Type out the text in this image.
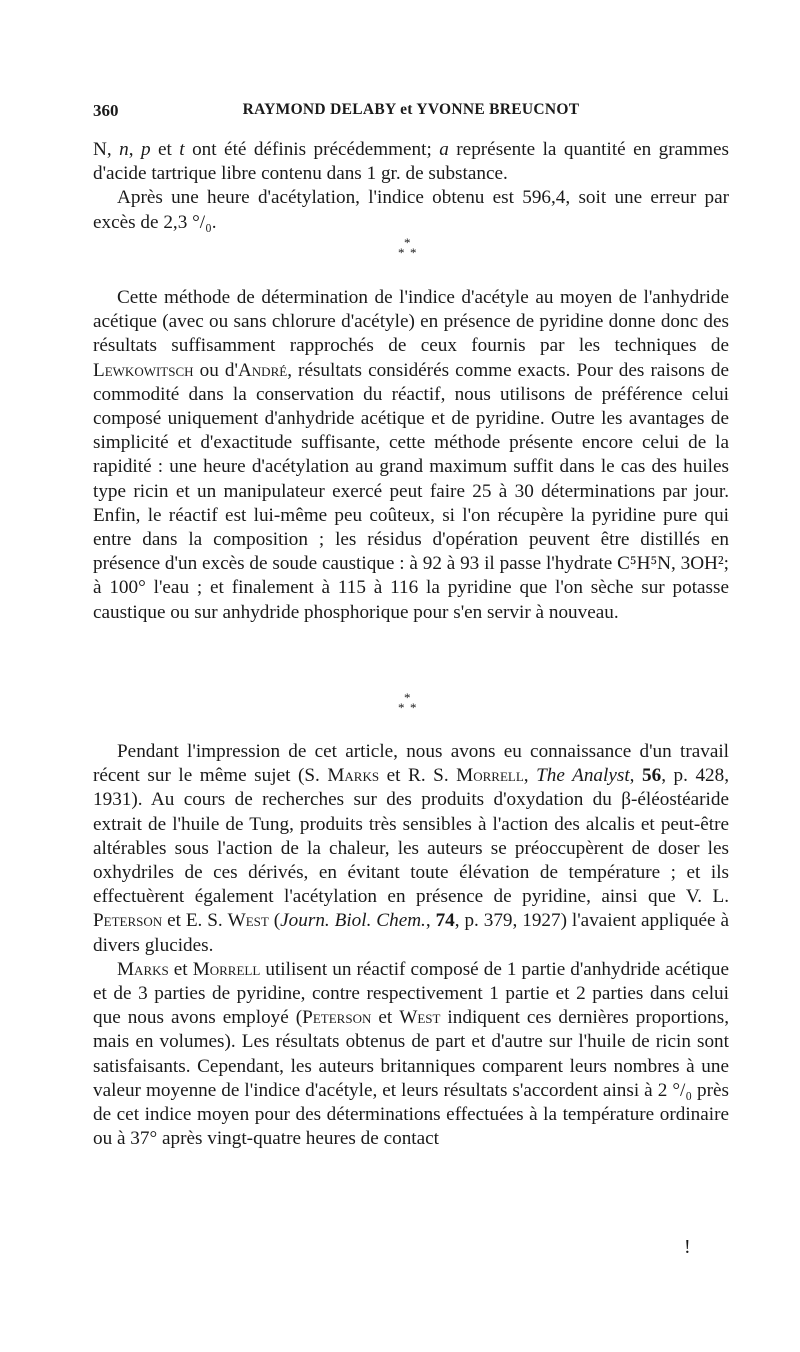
360	RAYMOND DELABY et YVONNE BREUCNOT

N, n, p et t ont été définis précédemment; a représente la quantité en grammes d'acide tartrique libre contenu dans 1 gr. de substance.

Après une heure d'acétylation, l'indice obtenu est 596,4, soit une erreur par excès de 2,3 °/₀.

*
* *

Cette méthode de détermination de l'indice d'acétyle au moyen de l'anhydride acétique (avec ou sans chlorure d'acétyle) en présence de pyridine donne donc des résultats suffisamment rapprochés de ceux fournis par les techniques de Lewkowitsch ou d'André, résultats considérés comme exacts. Pour des raisons de commodité dans la conservation du réactif, nous utilisons de préférence celui composé uniquement d'anhydride acétique et de pyridine. Outre les avantages de simplicité et d'exactitude suffisante, cette méthode présente encore celui de la rapidité : une heure d'acétylation au grand maximum suffit dans le cas des huiles type ricin et un manipulateur exercé peut faire 25 à 30 déterminations par jour. Enfin, le réactif est lui-même peu coûteux, si l'on récupère la pyridine pure qui entre dans la composition ; les résidus d'opération peuvent être distillés en présence d'un excès de soude caustique : à 92 à 93 il passe l'hydrate C⁵H⁵N, 3OH²; à 100° l'eau ; et finalement à 115 à 116 la pyridine que l'on sèche sur potasse caustique ou sur anhydride phosphorique pour s'en servir à nouveau.

*
* *

Pendant l'impression de cet article, nous avons eu connaissance d'un travail récent sur le même sujet (S. Marks et R. S. Morrell, The Analyst, 56, p. 428, 1931). Au cours de recherches sur des produits d'oxydation du β-éléostéaride extrait de l'huile de Tung, produits très sensibles à l'action des alcalis et peut-être altérables sous l'action de la chaleur, les auteurs se préoccupèrent de doser les oxhydriles de ces dérivés, en évitant toute élévation de température ; et ils effectuèrent également l'acétylation en présence de pyridine, ainsi que V. L. Peterson et E. S. West (Journ. Biol. Chem., 74, p. 379, 1927) l'avaient appliquée à divers glucides.

Marks et Morrell utilisent un réactif composé de 1 partie d'anhydride acétique et de 3 parties de pyridine, contre respectivement 1 partie et 2 parties dans celui que nous avons employé (Peterson et West indiquent ces dernières proportions, mais en volumes). Les résultats obtenus de part et d'autre sur l'huile de ricin sont satisfaisants. Cependant, les auteurs britanniques comparent leurs nombres à une valeur moyenne de l'indice d'acétyle, et leurs résultats s'accordent ainsi à 2 °/₀ près de cet indice moyen pour des déterminations effectuées à la température ordinaire ou à 37° après vingt-quatre heures de contact

!
